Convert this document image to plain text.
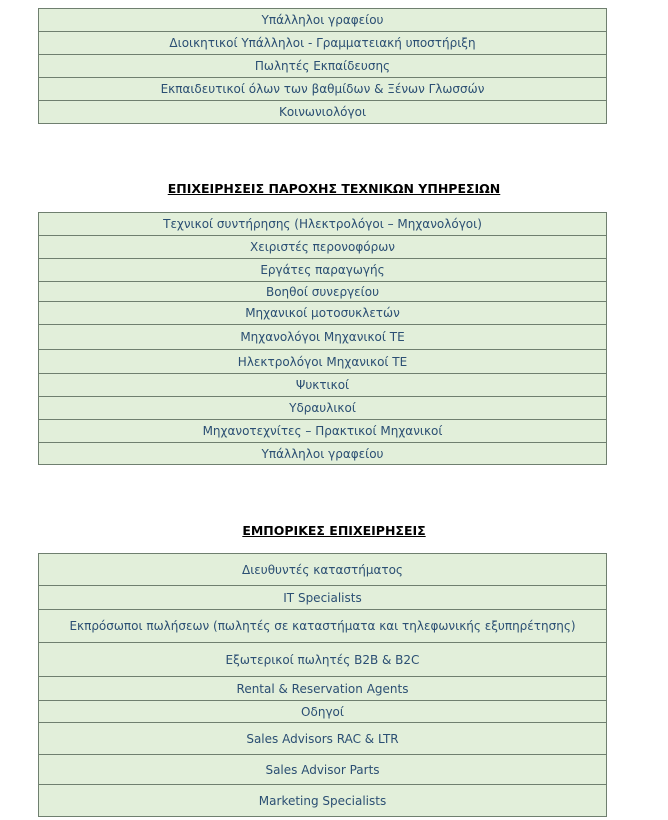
Υπάλληλοι γραφείου
Διοικητικοί Υπάλληλοι - Γραμματειακή υποστήριξη
Πωλητές Εκπαίδευσης
Εκπαιδευτικοί όλων των βαθμίδων & Ξένων Γλωσσών
Κοινωνιολόγοι
ΕΠΙΧΕΙΡΗΣΕΙΣ ΠΑΡΟΧΗΣ ΤΕΧΝΙΚΩΝ ΥΠΗΡΕΣΙΩΝ
Τεχνικοί συντήρησης (Ηλεκτρολόγοι – Μηχανολόγοι)
Χειριστές περονοφόρων
Εργάτες παραγωγής
Βοηθοί συνεργείου
Μηχανικοί μοτοσυκλετών
Μηχανολόγοι Μηχανικοί ΤΕ
Ηλεκτρολόγοι Μηχανικοί ΤΕ
Ψυκτικοί
Υδραυλικοί
Μηχανοτεχνίτες – Πρακτικοί Μηχανικοί
Υπάλληλοι γραφείου
ΕΜΠΟΡΙΚΕΣ ΕΠΙΧΕΙΡΗΣΕΙΣ
Διευθυντές καταστήματος
IT Specialists
Εκπρόσωποι πωλήσεων (πωλητές σε καταστήματα και τηλεφωνικής εξυπηρέτησης)
Εξωτερικοί πωλητές B2B & B2C
Rental & Reservation Agents
Οδηγοί
Sales Advisors RAC & LTR
Sales Advisor Parts
Marketing Specialists
